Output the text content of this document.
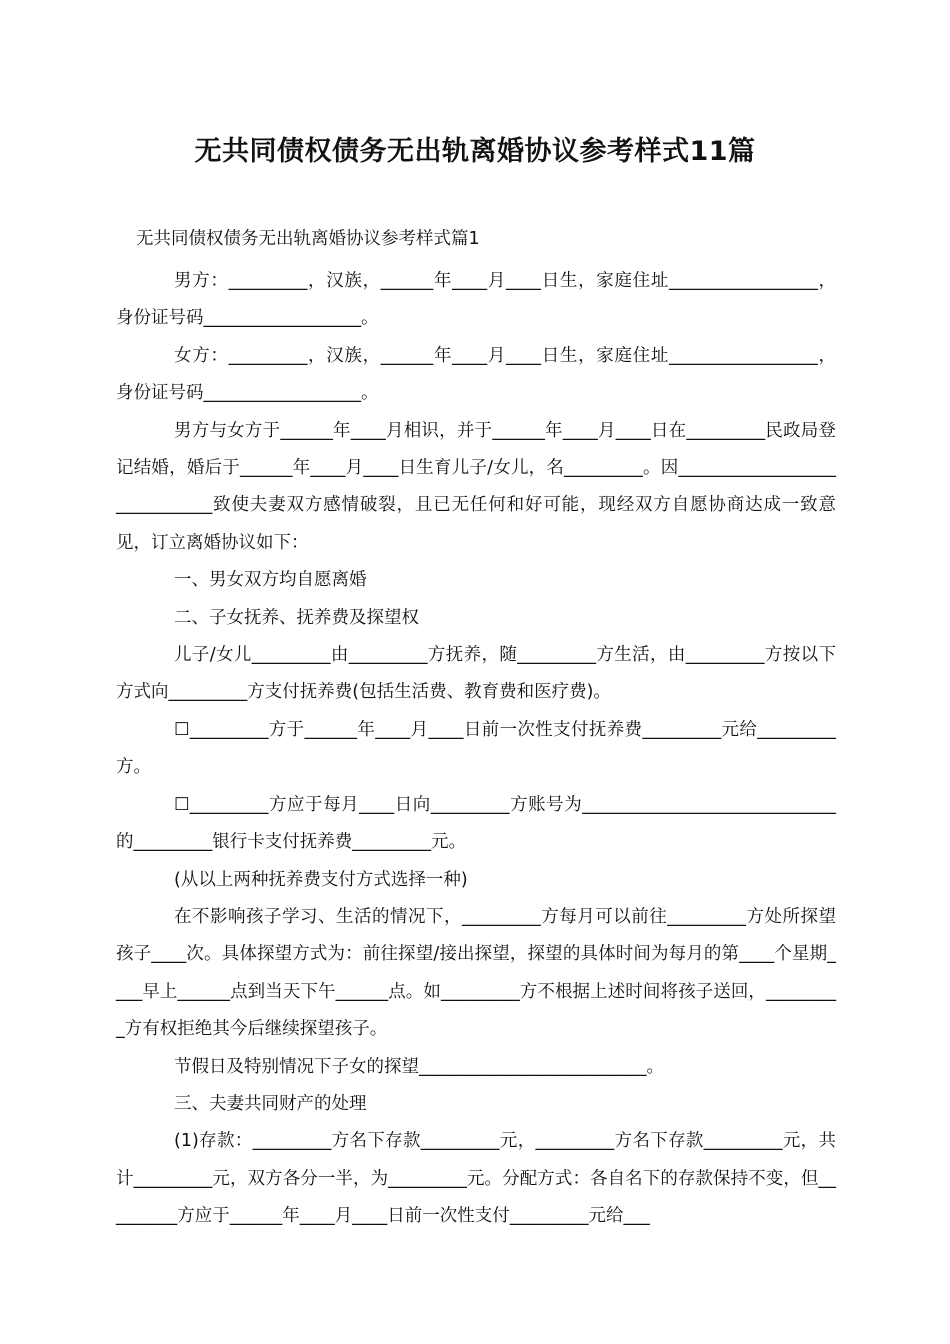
无共同债权债务无出轨离婚协议参考样式11篇
无共同债权债务无出轨离婚协议参考样式篇1

男方：_________，汉族，______年____月____日生，家庭住址_________________，身份证号码__________________。

女方：_________，汉族，______年____月____日生，家庭住址_________________，身份证号码__________________。

男方与女方于______年____月相识，并于______年____月____日在_________民政局登记结婚，婚后于______年____月____日生育儿子/女儿，名_________。因_____________________________致使夫妻双方感情破裂，且已无任何和好可能，现经双方自愿协商达成一致意见，订立离婚协议如下：

一、男女双方均自愿离婚

二、子女抚养、抚养费及探望权

儿子/女儿_________由_________方抚养，随_________方生活，由_________方按以下方式向_________方支付抚养费(包括生活费、教育费和医疗费)。

☐_________方于______年____月____日前一次性支付抚养费_________元给_________方。

☐_________方应于每月____日向_________方账号为_____________________________的_________银行卡支付抚养费_________元。

(从以上两种抚养费支付方式选择一种)

在不影响孩子学习、生活的情况下，_________方每月可以前往_________方处所探望孩子____次。具体探望方式为：前往探望/接出探望，探望的具体时间为每月的第____个星期____早上______点到当天下午______点。如_________方不根据上述时间将孩子送回，_________方有权拒绝其今后继续探望孩子。

节假日及特别情况下子女的探望__________________________。

三、夫妻共同财产的处理

(1)存款：_________方名下存款_________元，_________方名下存款_________元，共计_________元，双方各分一半，为_________元。分配方式：各自名下的存款保持不变，但_________方应于______年____月____日前一次性支付_________元给___
